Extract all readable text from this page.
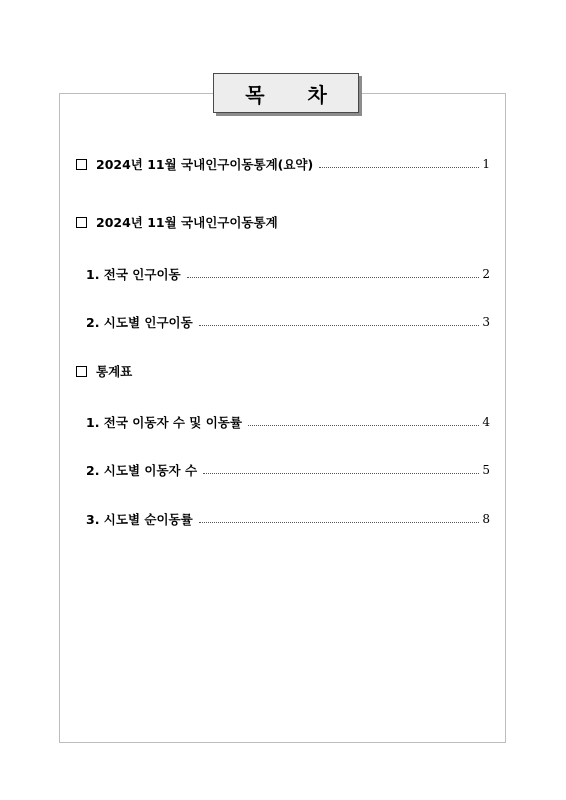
목 차
2024년 11월 국내인구이동통계(요약)	1
2024년 11월 국내인구이동통계
1. 전국 인구이동	2
2. 시도별 인구이동	3
통계표
1. 전국 이동자 수 및 이동률	4
2. 시도별 이동자 수	5
3. 시도별 순이동률	8
